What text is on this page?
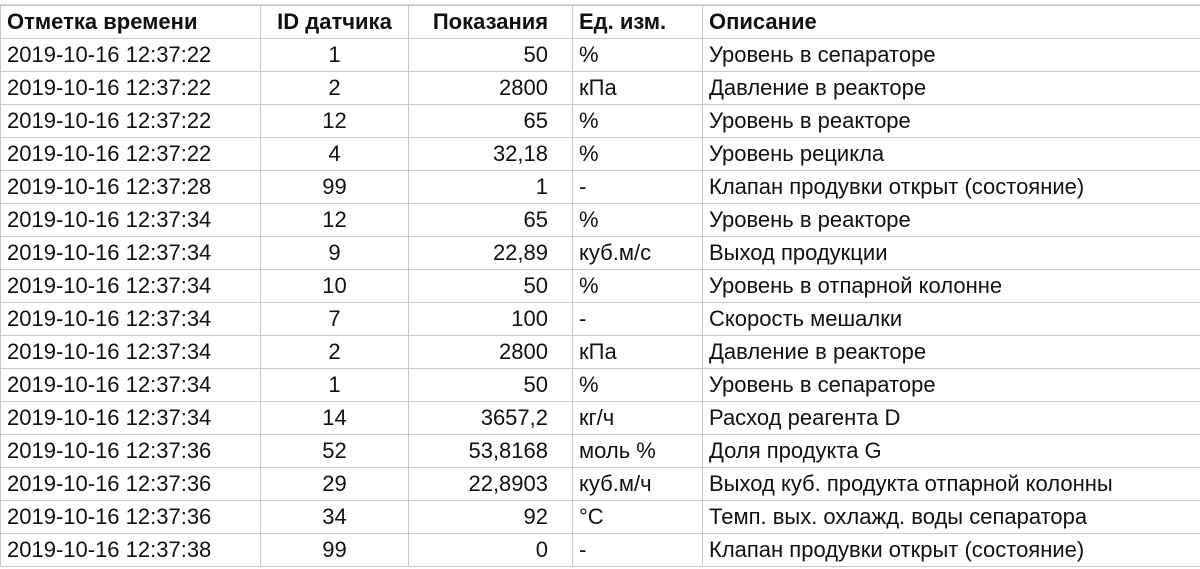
Отметка времени	ID датчика	Показания	Ед. изм.	Описание
2019-10-16 12:37:22	1	50	%	Уровень в сепараторе
2019-10-16 12:37:22	2	2800	кПа	Давление в реакторе
2019-10-16 12:37:22	12	65	%	Уровень в реакторе
2019-10-16 12:37:22	4	32,18	%	Уровень рецикла
2019-10-16 12:37:28	99	1	-	Клапан продувки открыт (состояние)
2019-10-16 12:37:34	12	65	%	Уровень в реакторе
2019-10-16 12:37:34	9	22,89	куб.м/с	Выход продукции
2019-10-16 12:37:34	10	50	%	Уровень в отпарной колонне
2019-10-16 12:37:34	7	100	-	Скорость мешалки
2019-10-16 12:37:34	2	2800	кПа	Давление в реакторе
2019-10-16 12:37:34	1	50	%	Уровень в сепараторе
2019-10-16 12:37:34	14	3657,2	кг/ч	Расход реагента D
2019-10-16 12:37:36	52	53,8168	моль %	Доля продукта G
2019-10-16 12:37:36	29	22,8903	куб.м/ч	Выход куб. продукта отпарной колонны
2019-10-16 12:37:36	34	92	°C	Темп. вых. охлажд. воды сепаратора
2019-10-16 12:37:38	99	0	-	Клапан продувки открыт (состояние)
